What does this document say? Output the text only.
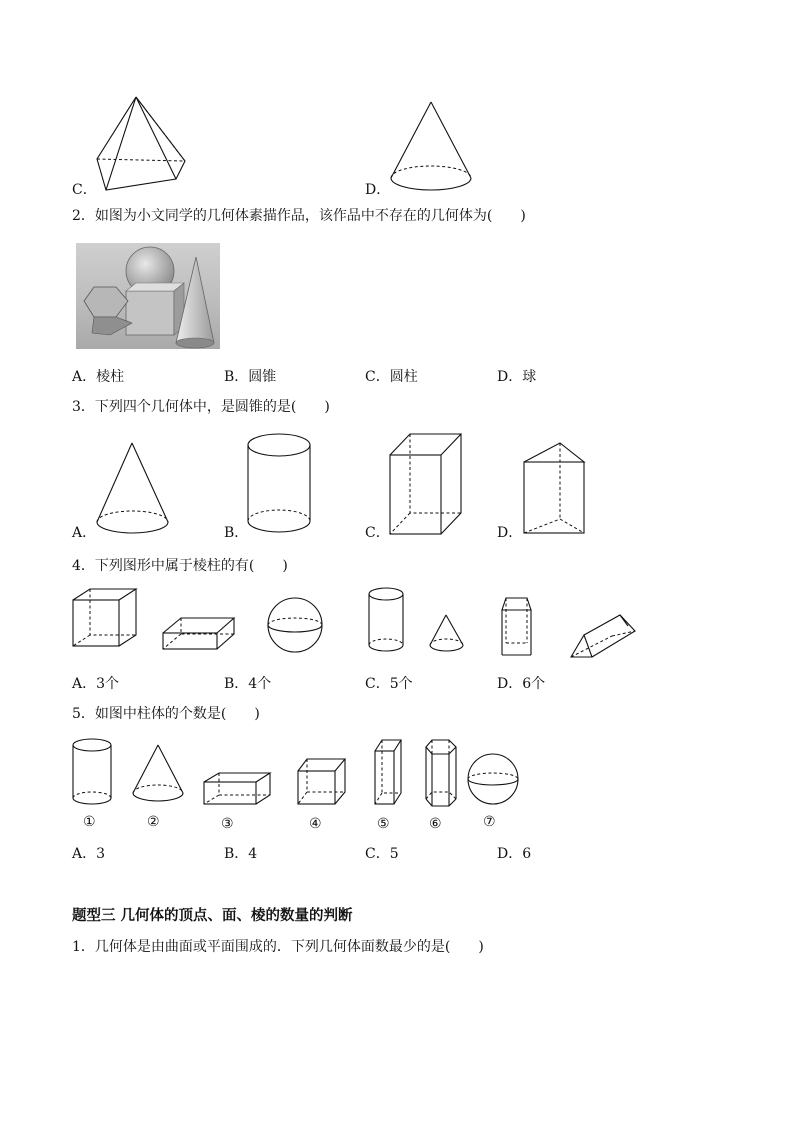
C．	D．
2．如图为小文同学的几何体素描作品，该作品中不存在的几何体为(　　)
A．棱柱	B．圆锥	C．圆柱	D．球
3．下列四个几何体中，是圆锥的是(　　)
A．	B．	C．	D．
4．下列图形中属于棱柱的有(　　)
A．3个	B．4个	C．5个	D．6个
5．如图中柱体的个数是(　　)
①	②	③	④	⑤	⑥	⑦
A．3	B．4	C．5	D．6
题型三 几何体的顶点、面、棱的数量的判断
1．几何体是由曲面或平面围成的．下列几何体面数最少的是(　　)
